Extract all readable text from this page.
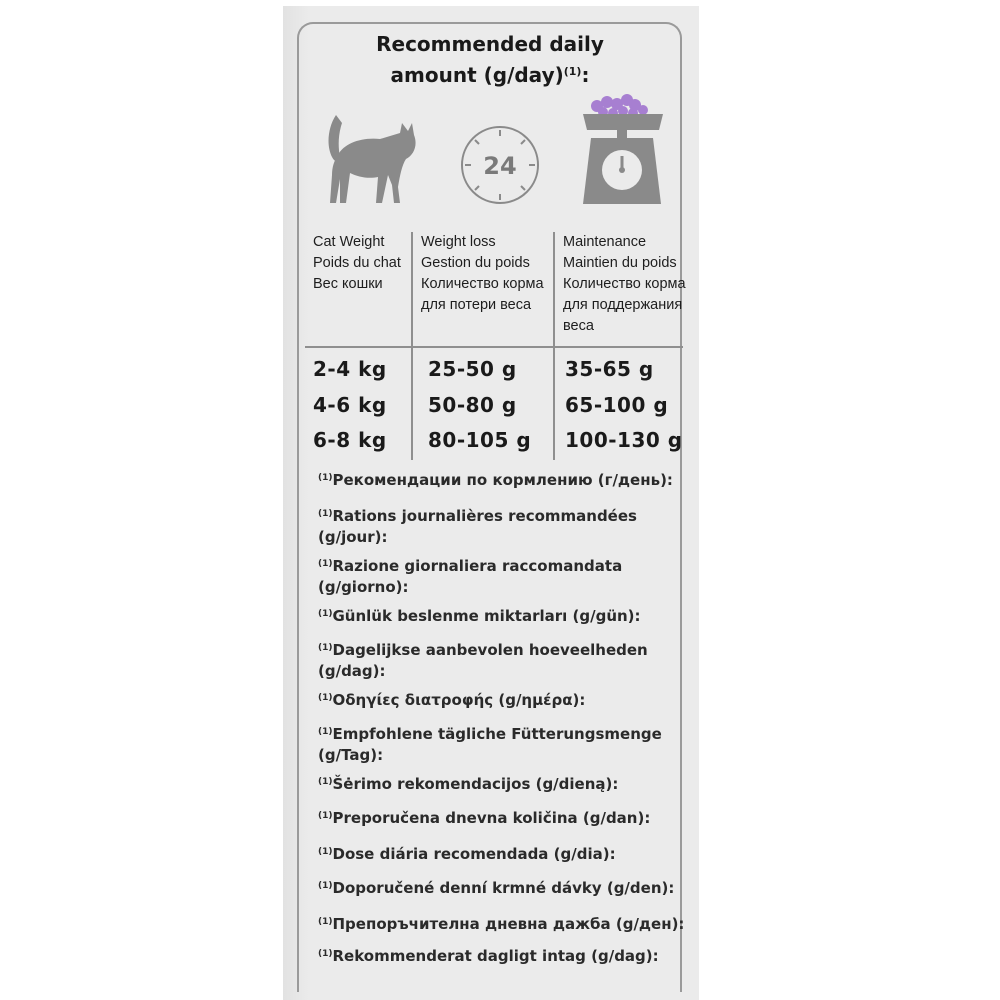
Recommended daily
amount $(g/day)^{(1)}$:
24
Cat Weight
Poids du chat
Вес кошки
Weight loss
Gestion du poids
Количество корма
для потери веса
Maintenance
Maintien du poids
Количество корма
для поддержания
веса
2-4 kg 25-50 g 35-65 g
4-6 kg 50-80 g 65-100 g
6-8 kg 80-105 g 100-130 g
$^{(1)}$Рекомендации по кормлению (г/день):
$^{(1)}$Rations journalières recommandées
(g/jour):
$^{(1)}$Razione giornaliera raccomandata
(g/giorno):
$^{(1)}$Günlük beslenme miktarları (g/gün):
$^{(1)}$Dagelijkse aanbevolen hoeveelheden
(g/dag):
$^{(1)}$Οδηγίες διατροφής (g/ημέρα):
$^{(1)}$Empfohlene tägliche Fütterungsmenge
(g/Tag):
$^{(1)}$Šėrimo rekomendacijos (g/dieną):
$^{(1)}$Preporučena dnevna količina (g/dan):
$^{(1)}$Dose diária recomendada (g/dia):
$^{(1)}$Doporučené denní krmné dávky (g/den):
$^{(1)}$Препоръчителна дневна дажба (g/ден):
$^{(1)}$Rekommenderat dagligt intag (g/dag):
